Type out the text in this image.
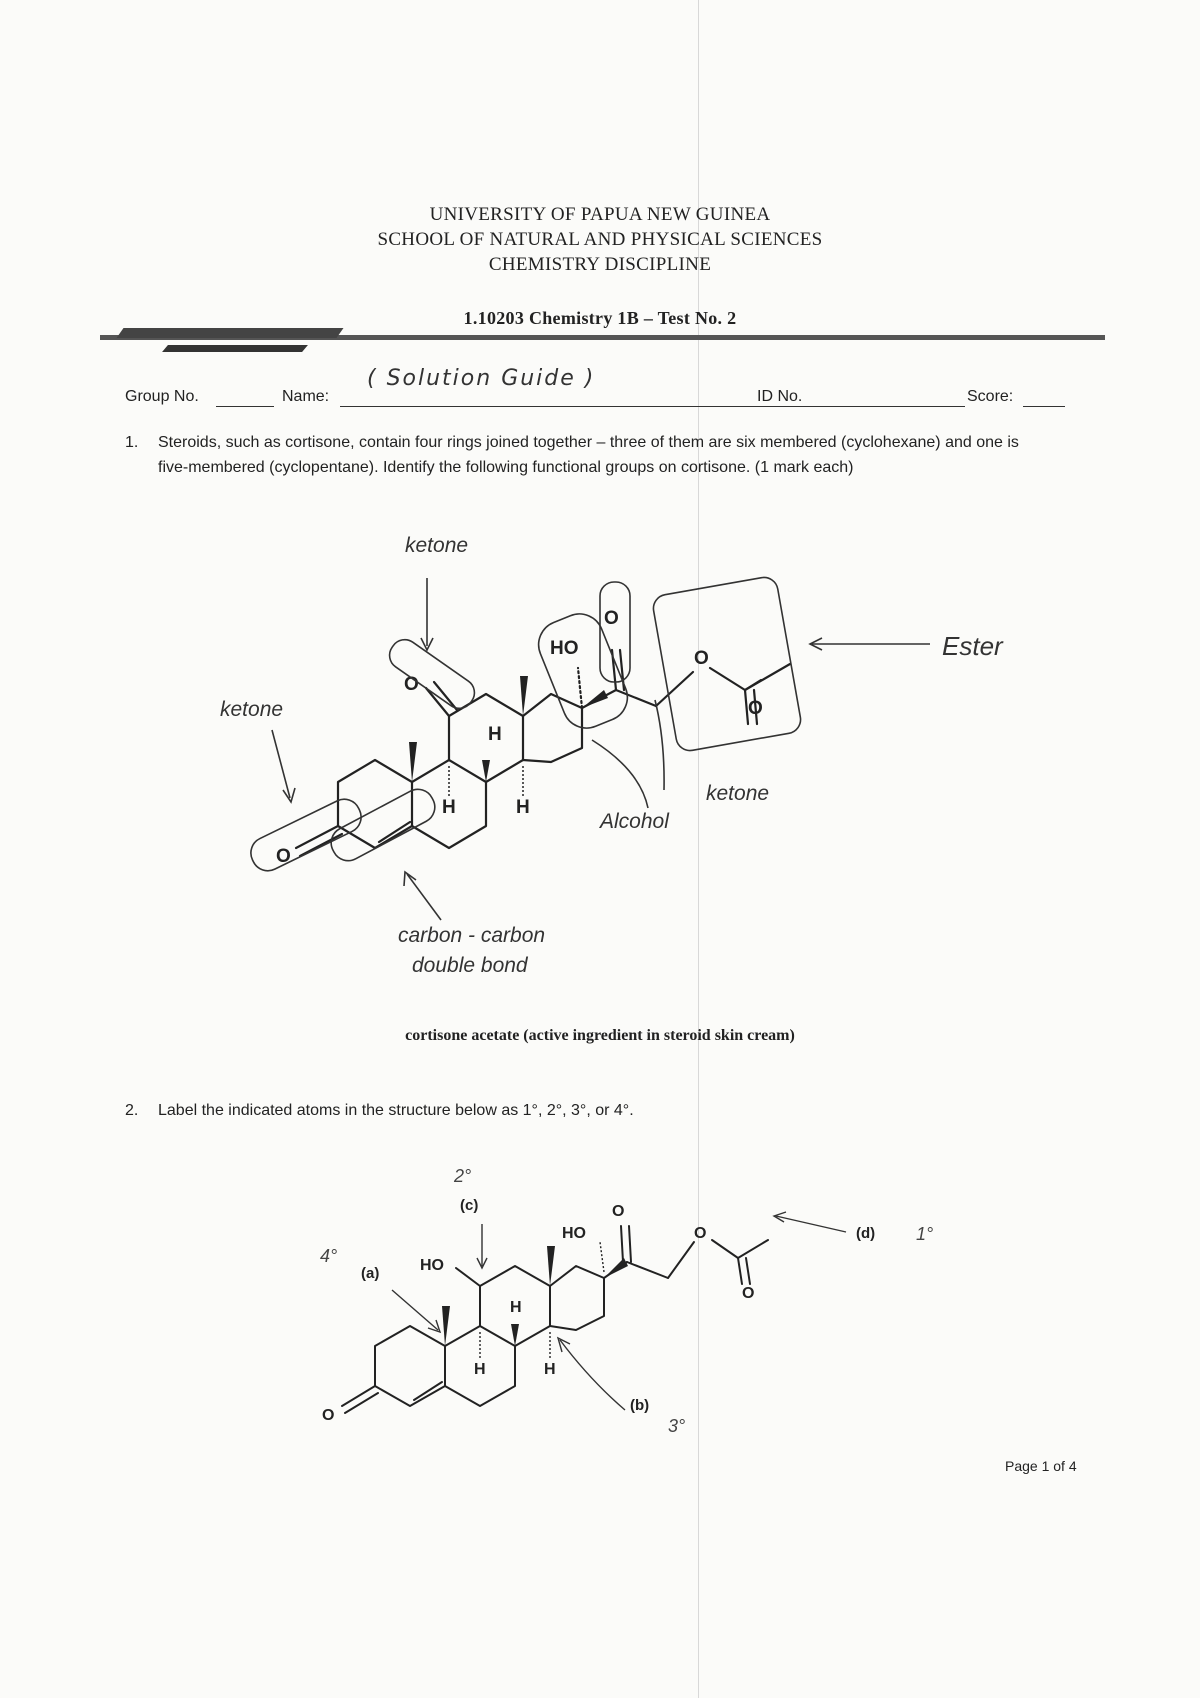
UNIVERSITY OF PAPUA NEW GUINEA
SCHOOL OF NATURAL AND PHYSICAL SCIENCES
CHEMISTRY DISCIPLINE
1.10203 Chemistry 1B – Test No. 2
Group No.	Name:
( Solution Guide )
ID No.	Score:
1. Steroids, such as cortisone, contain four rings joined together – three of them are six membered (cyclohexane) and one is five-membered (cyclopentane). Identify the following functional groups on cortisone. (1 mark each)
O
O
O
O
O
HO
H
H	H
ketone
ketone
Ester
Alcohol
ketone
carbon - carbon
double bond
O
HO
HO
O
O
O
H
H	H
(a)
(b)
(c)
(d)
4°
3°
2°
1°
cortisone acetate (active ingredient in steroid skin cream)
2. Label the indicated atoms in the structure below as 1°, 2°, 3°, or 4°.
Page 1 of 4
